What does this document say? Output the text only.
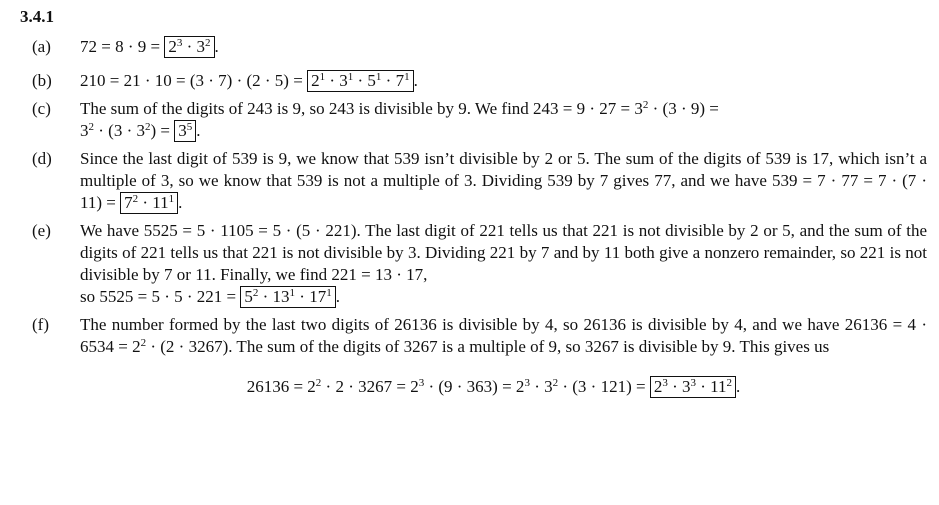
3.4.1
(a)	$72 = 8 \cdot 9 = 2^3 \cdot 3^2$ .
(b)	$210 = 21 \cdot 10 = (3 \cdot 7) \cdot (2 \cdot 5) = 2^1 \cdot 3^1 \cdot 5^1 \cdot 7^1$ .
(c)	The sum of the digits of 243 is 9, so 243 is divisible by 9. We find $243 = 9 \cdot 27 = 3^2 \cdot (3 \cdot 9)$ =
$3^2 \cdot (3 \cdot 3^2) = 3^5$ .
(d)	Since the last digit of 539 is 9, we know that 539 isn’t divisible by 2 or 5. The sum of the digits of 539 is 17, which isn’t a multiple of 3, so we know that 539 is not a multiple of 3. Dividing 539 by 7 gives 77, and we have $539 = 7 \cdot 77 = 7 \cdot (7 \cdot 11) = 7^2 \cdot 11^1$ .
(e)	We have 5525 = 5 · 1105 = 5 · (5 · 221). The last digit of 221 tells us that 221 is not divisible by 2 or 5, and the sum of the digits of 221 tells us that 221 is not divisible by 3. Dividing 221 by 7 and by 11 both give a nonzero remainder, so 221 is not divisible by 7 or 11. Finally, we find 221 = 13 · 17,
so $5525 = 5 \cdot 5 \cdot 221 = 5^2 \cdot 13^1 \cdot 17^1$ .
(f)	The number formed by the last two digits of 26136 is divisible by 4, so 26136 is divisible by 4, and we have $26136 = 4 \cdot 6534 = 2^2 \cdot (2 \cdot 3267)$. The sum of the digits of 3267 is a multiple of 9, so 3267 is divisible by 9. This gives us
$26136 = 2^2 \cdot 2 \cdot 3267 = 2^3 \cdot (9 \cdot 363) = 2^3 \cdot 3^2 \cdot (3 \cdot 121) = 2^3 \cdot 3^3 \cdot 11^2$ .
